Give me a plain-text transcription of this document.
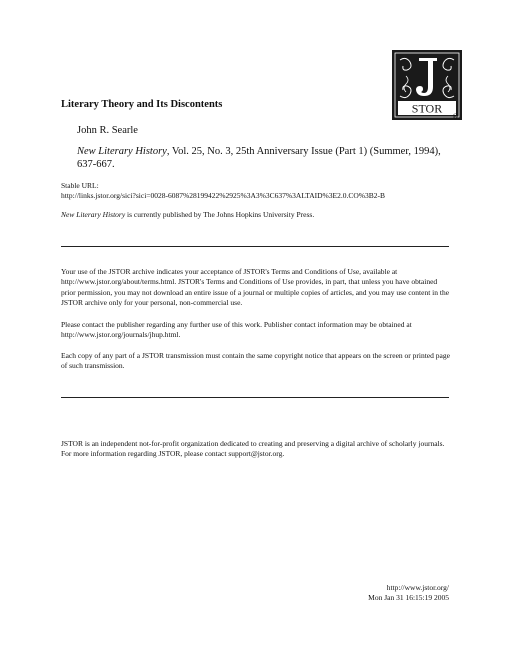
STOR
®
Literary Theory and Its Discontents
John R. Searle
New Literary History, Vol. 25, No. 3, 25th Anniversary Issue (Part 1) (Summer, 1994), 637-667.
Stable URL:
http://links.jstor.org/sici?sici=0028-6087%28199422%2925%3A3%3C637%3ALTAID%3E2.0.CO%3B2-B
New Literary History is currently published by The Johns Hopkins University Press.
Your use of the JSTOR archive indicates your acceptance of JSTOR's Terms and Conditions of Use, available at http://www.jstor.org/about/terms.html. JSTOR's Terms and Conditions of Use provides, in part, that unless you have obtained prior permission, you may not download an entire issue of a journal or multiple copies of articles, and you may use content in the JSTOR archive only for your personal, non-commercial use.
Please contact the publisher regarding any further use of this work. Publisher contact information may be obtained at http://www.jstor.org/journals/jhup.html.
Each copy of any part of a JSTOR transmission must contain the same copyright notice that appears on the screen or printed page of such transmission.
JSTOR is an independent not-for-profit organization dedicated to creating and preserving a digital archive of scholarly journals. For more information regarding JSTOR, please contact support@jstor.org.
http://www.jstor.org/
Mon Jan 31 16:15:19 2005
